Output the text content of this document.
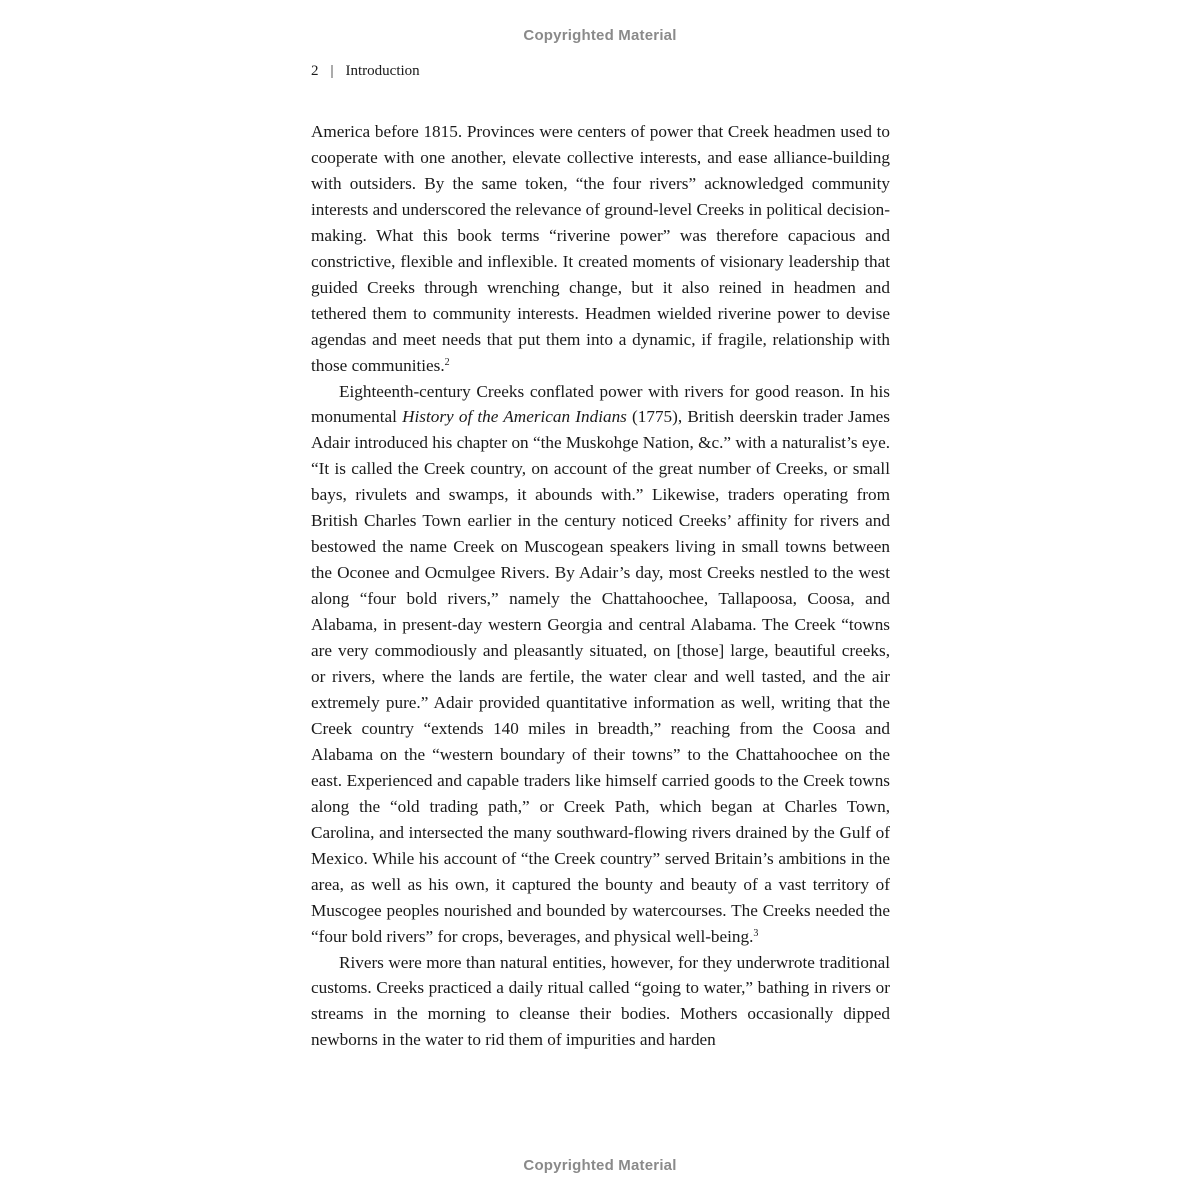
Copyrighted Material
2 | Introduction

America before 1815. Provinces were centers of power that Creek headmen used to cooperate with one another, elevate collective interests, and ease alliance-building with outsiders. By the same token, “the four rivers” acknowledged community interests and underscored the relevance of ground-level Creeks in political decision-making. What this book terms “riverine power” was therefore capacious and constrictive, flexible and inflexible. It created moments of visionary leadership that guided Creeks through wrenching change, but it also reined in headmen and tethered them to community interests. Headmen wielded riverine power to devise agendas and meet needs that put them into a dynamic, if fragile, relationship with those communities.$^2$

Eighteenth-century Creeks conflated power with rivers for good reason. In his monumental History of the American Indians (1775), British deerskin trader James Adair introduced his chapter on “the Muskohge Nation, &c.” with a naturalist’s eye. “It is called the Creek country, on account of the great number of Creeks, or small bays, rivulets and swamps, it abounds with.” Likewise, traders operating from British Charles Town earlier in the century noticed Creeks’ affinity for rivers and bestowed the name Creek on Muscogean speakers living in small towns between the Oconee and Ocmulgee Rivers. By Adair’s day, most Creeks nestled to the west along “four bold rivers,” namely the Chattahoochee, Tallapoosa, Coosa, and Alabama, in present-day western Georgia and central Alabama. The Creek “towns are very commodiously and pleasantly situated, on [those] large, beautiful creeks, or rivers, where the lands are fertile, the water clear and well tasted, and the air extremely pure.” Adair provided quantitative information as well, writing that the Creek country “extends 140 miles in breadth,” reaching from the Coosa and Alabama on the “western boundary of their towns” to the Chattahoochee on the east. Experienced and capable traders like himself carried goods to the Creek towns along the “old trading path,” or Creek Path, which began at Charles Town, Carolina, and intersected the many southward-flowing rivers drained by the Gulf of Mexico. While his account of “the Creek country” served Britain’s ambitions in the area, as well as his own, it captured the bounty and beauty of a vast territory of Muscogee peoples nourished and bounded by watercourses. The Creeks needed the “four bold rivers” for crops, beverages, and physical well-being.$^3$

Rivers were more than natural entities, however, for they underwrote traditional customs. Creeks practiced a daily ritual called “going to water,” bathing in rivers or streams in the morning to cleanse their bodies. Mothers occasionally dipped newborns in the water to rid them of impurities and harden

Copyrighted Material
